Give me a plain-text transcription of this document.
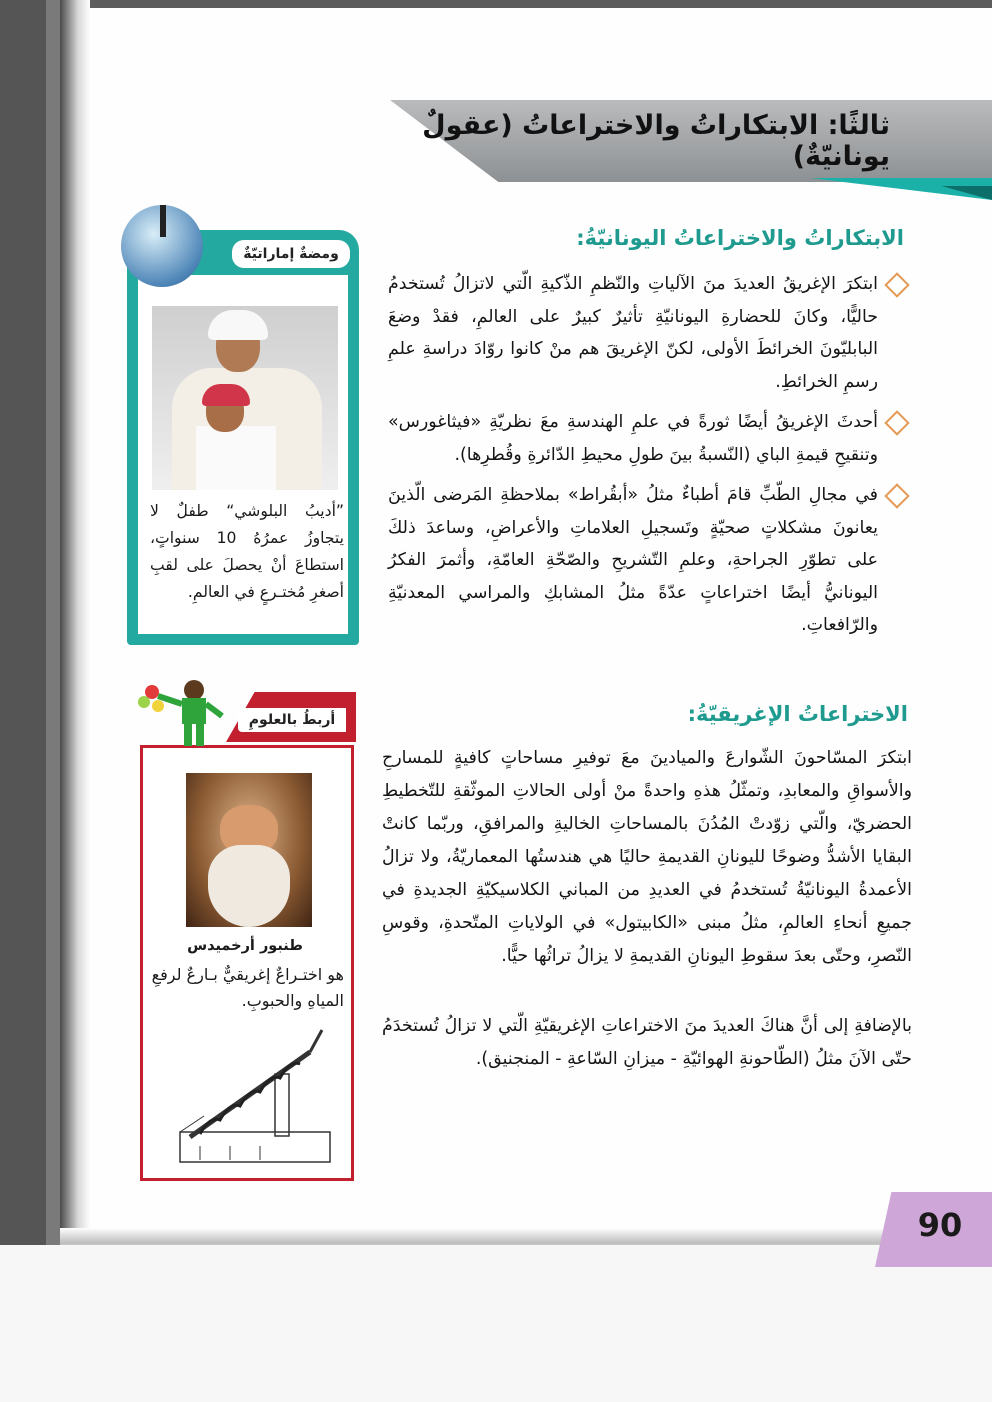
ثالثًا: الابتكاراتُ والاختراعاتُ (عقولٌ يونانيّةٌ)
الابتكاراتُ والاختراعاتُ اليونانيّةُ:
ابتكرَ الإغريقُ العديدَ منَ الآلياتِ والنّظمِ الذّكيةِ الّتي لاتزالُ تُستخدمُ حاليًّا، وكانَ للحضارةِ اليونانيّةِ تأثيرٌ كبيرٌ على العالمِ، فقدْ وضعَ البابليّونَ الخرائطَ الأولى، لكنّ الإغريقَ هم منْ كانوا روّادَ دراسةِ علمِ رسمِ الخرائطِ.
أحدثَ الإغريقُ أيضًا ثورةً في علمِ الهندسةِ معَ نظريّةِ «فيثاغورس» وتنقيحِ قيمةِ الباي (النّسبةُ بينَ طولِ محيطِ الدّائرةِ وقُطرِها).
في مجالِ الطّبِّ قامَ أطباءٌ مثلُ «أبقُراط» بملاحظةِ المَرضى الّذينَ يعانونَ مشكلاتٍ صحيّةٍ وتَسجيلِ العلاماتِ والأعراضِ، وساعدَ ذلكَ على تطوّرِ الجراحةِ، وعلمِ التّشريحِ والصّحّةِ العامّةِ، وأثمرَ الفكرُ اليونانيُّ أيضًا اختراعاتٍ عدّةً مثلُ المشابكِ والمراسي المعدنيّةِ والرّافعاتِ.
الاختراعاتُ الإغريقيّةُ:
ابتكرَ المسّاحونَ الشّوارعَ والميادينَ معَ توفيرِ مساحاتٍ كافيةٍ للمسارحِ والأسواقِ والمعابدِ، وتمثّلُ هذهِ واحدةً منْ أولى الحالاتِ الموثّقةِ للتّخطيطِ الحضريّ، والّتي زوّدتْ المُدُنَ بالمساحاتِ الخاليةِ والمرافقِ، وربّما كانتْ البقايا الأشدُّ وضوحًا لليونانِ القديمةِ حاليًا هي هندستُها المعماريّةُ، ولا تزالُ الأعمدةُ اليونانيّةُ تُستخدمُ في العديدِ من المباني الكلاسيكيّةِ الجديدةِ في جميعِ أنحاءِ العالمِ، مثلُ مبنى «الكابيتول» في الولاياتِ المتّحدةِ، وقوسِ النّصرِ، وحتّى بعدَ سقوطِ اليونانِ القديمةِ لا يزالُ تراثُها حيًّا.
بالإضافةِ إلى أنَّ هناكَ العديدَ منَ الاختراعاتِ الإغريقيّةِ الّتي لا تزالُ تُستخدَمُ حتّى الآنَ مثلُ (الطّاحونةِ الهوائيّةِ - ميزانِ السّاعةِ - المنجنيق).
ومضةٌ إماراتيّةٌ
”أديبُ البلوشي“ طفلٌ لا يتجاوزُ عمرُهُ 10 سنواتٍ، استطاعَ أنْ يحصلَ على لقبِ أصغرِ مُختـرعٍ في العالمِ.
أربطُ بالعلومِ
طنبور أرخميدس
هو اختـراعٌ إغريقيٌّ بـارعٌ لرفعِ المياهِ والحبوبِ.
90
